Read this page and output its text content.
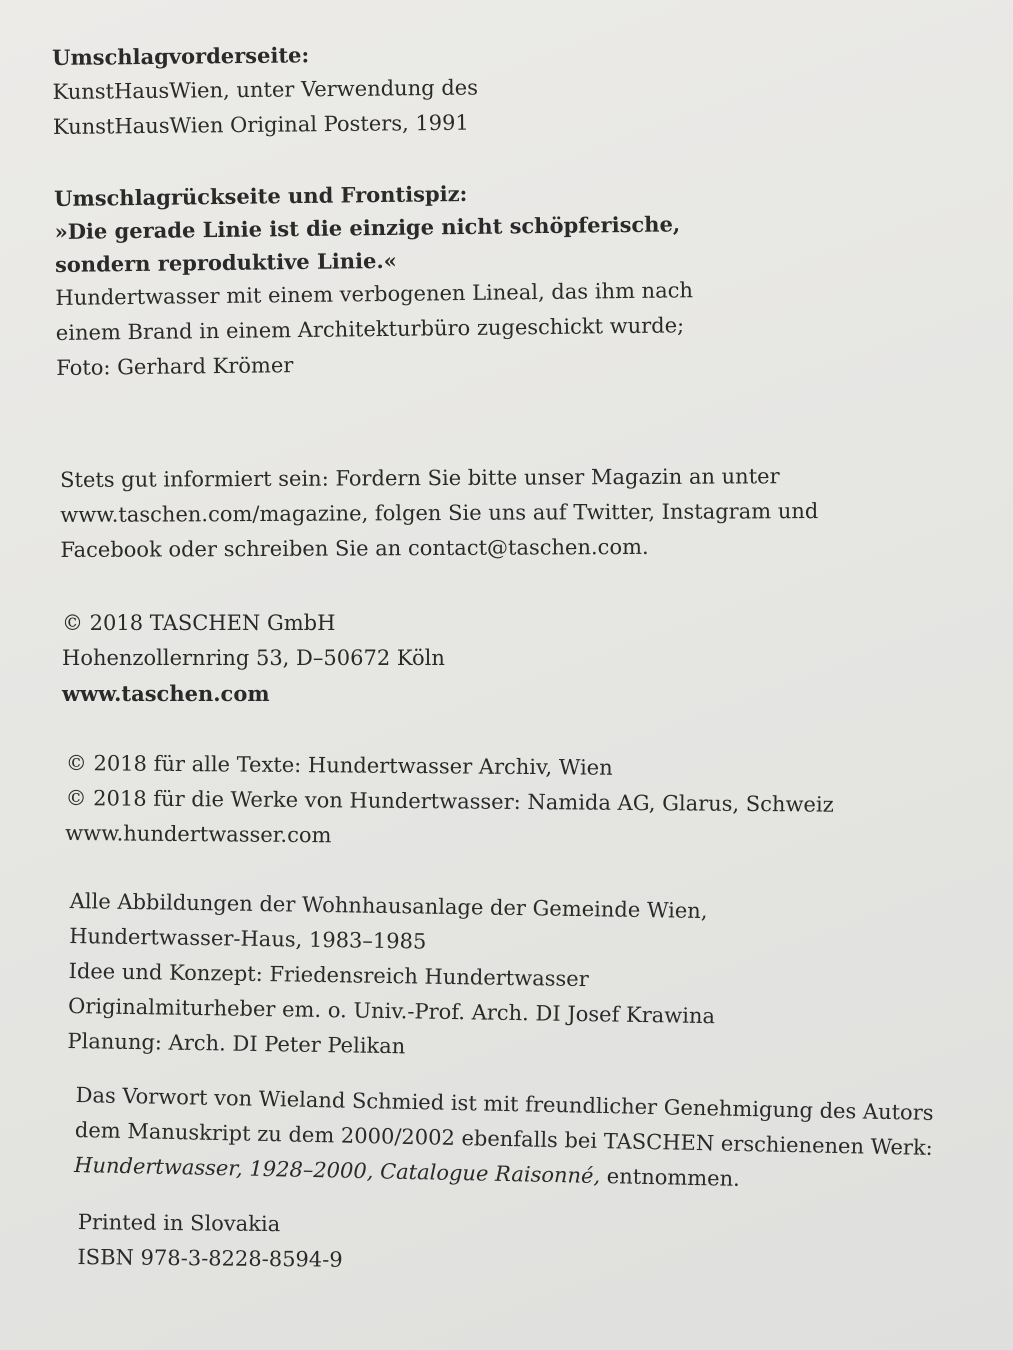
Umschlagvorderseite:
KunstHausWien, unter Verwendung des
KunstHausWien Original Posters, 1991
Umschlagrückseite und Frontispiz:
»Die gerade Linie ist die einzige nicht schöpferische,
sondern reproduktive Linie.«
Hundertwasser mit einem verbogenen Lineal, das ihm nach
einem Brand in einem Architekturbüro zugeschickt wurde;
Foto: Gerhard Krömer
Stets gut informiert sein: Fordern Sie bitte unser Magazin an unter
www.taschen.com/magazine, folgen Sie uns auf Twitter, Instagram und
Facebook oder schreiben Sie an contact@taschen.com.
© 2018 TASCHEN GmbH
Hohenzollernring 53, D–50672 Köln
www.taschen.com
© 2018 für alle Texte: Hundertwasser Archiv, Wien
© 2018 für die Werke von Hundertwasser: Namida AG, Glarus, Schweiz
www.hundertwasser.com
Alle Abbildungen der Wohnhausanlage der Gemeinde Wien,
Hundertwasser-Haus, 1983–1985
Idee und Konzept: Friedensreich Hundertwasser
Originalmiturheber em. o. Univ.-Prof. Arch. DI Josef Krawina
Planung: Arch. DI Peter Pelikan
Das Vorwort von Wieland Schmied ist mit freundlicher Genehmigung des Autors
dem Manuskript zu dem 2000/2002 ebenfalls bei TASCHEN erschienenen Werk:
Hundertwasser, 1928–2000, Catalogue Raisonné, entnommen.
Printed in Slovakia
ISBN 978-3-8228-8594-9
